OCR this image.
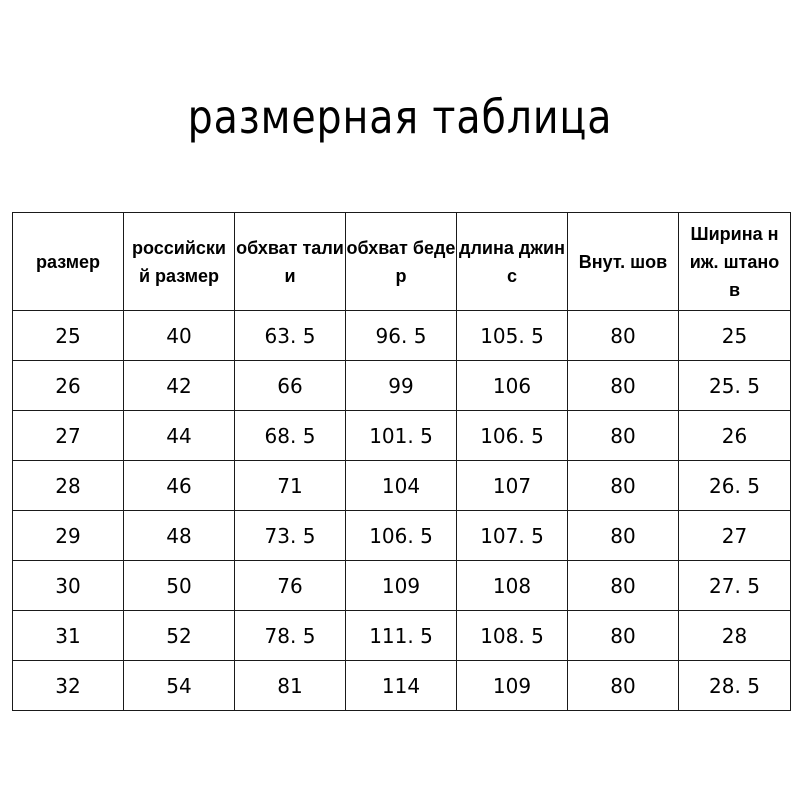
размерная таблица
размер	российский размер	обхват талии	обхват бедер	длина джинс	Внут. шов	Ширина ниж. штанов

25	40	63. 5	96. 5	105. 5	80	25
26	42	66	99	106	80	25. 5
27	44	68. 5	101. 5	106. 5	80	26
28	46	71	104	107	80	26. 5
29	48	73. 5	106. 5	107. 5	80	27
30	50	76	109	108	80	27. 5
31	52	78. 5	111. 5	108. 5	80	28
32	54	81	114	109	80	28. 5
